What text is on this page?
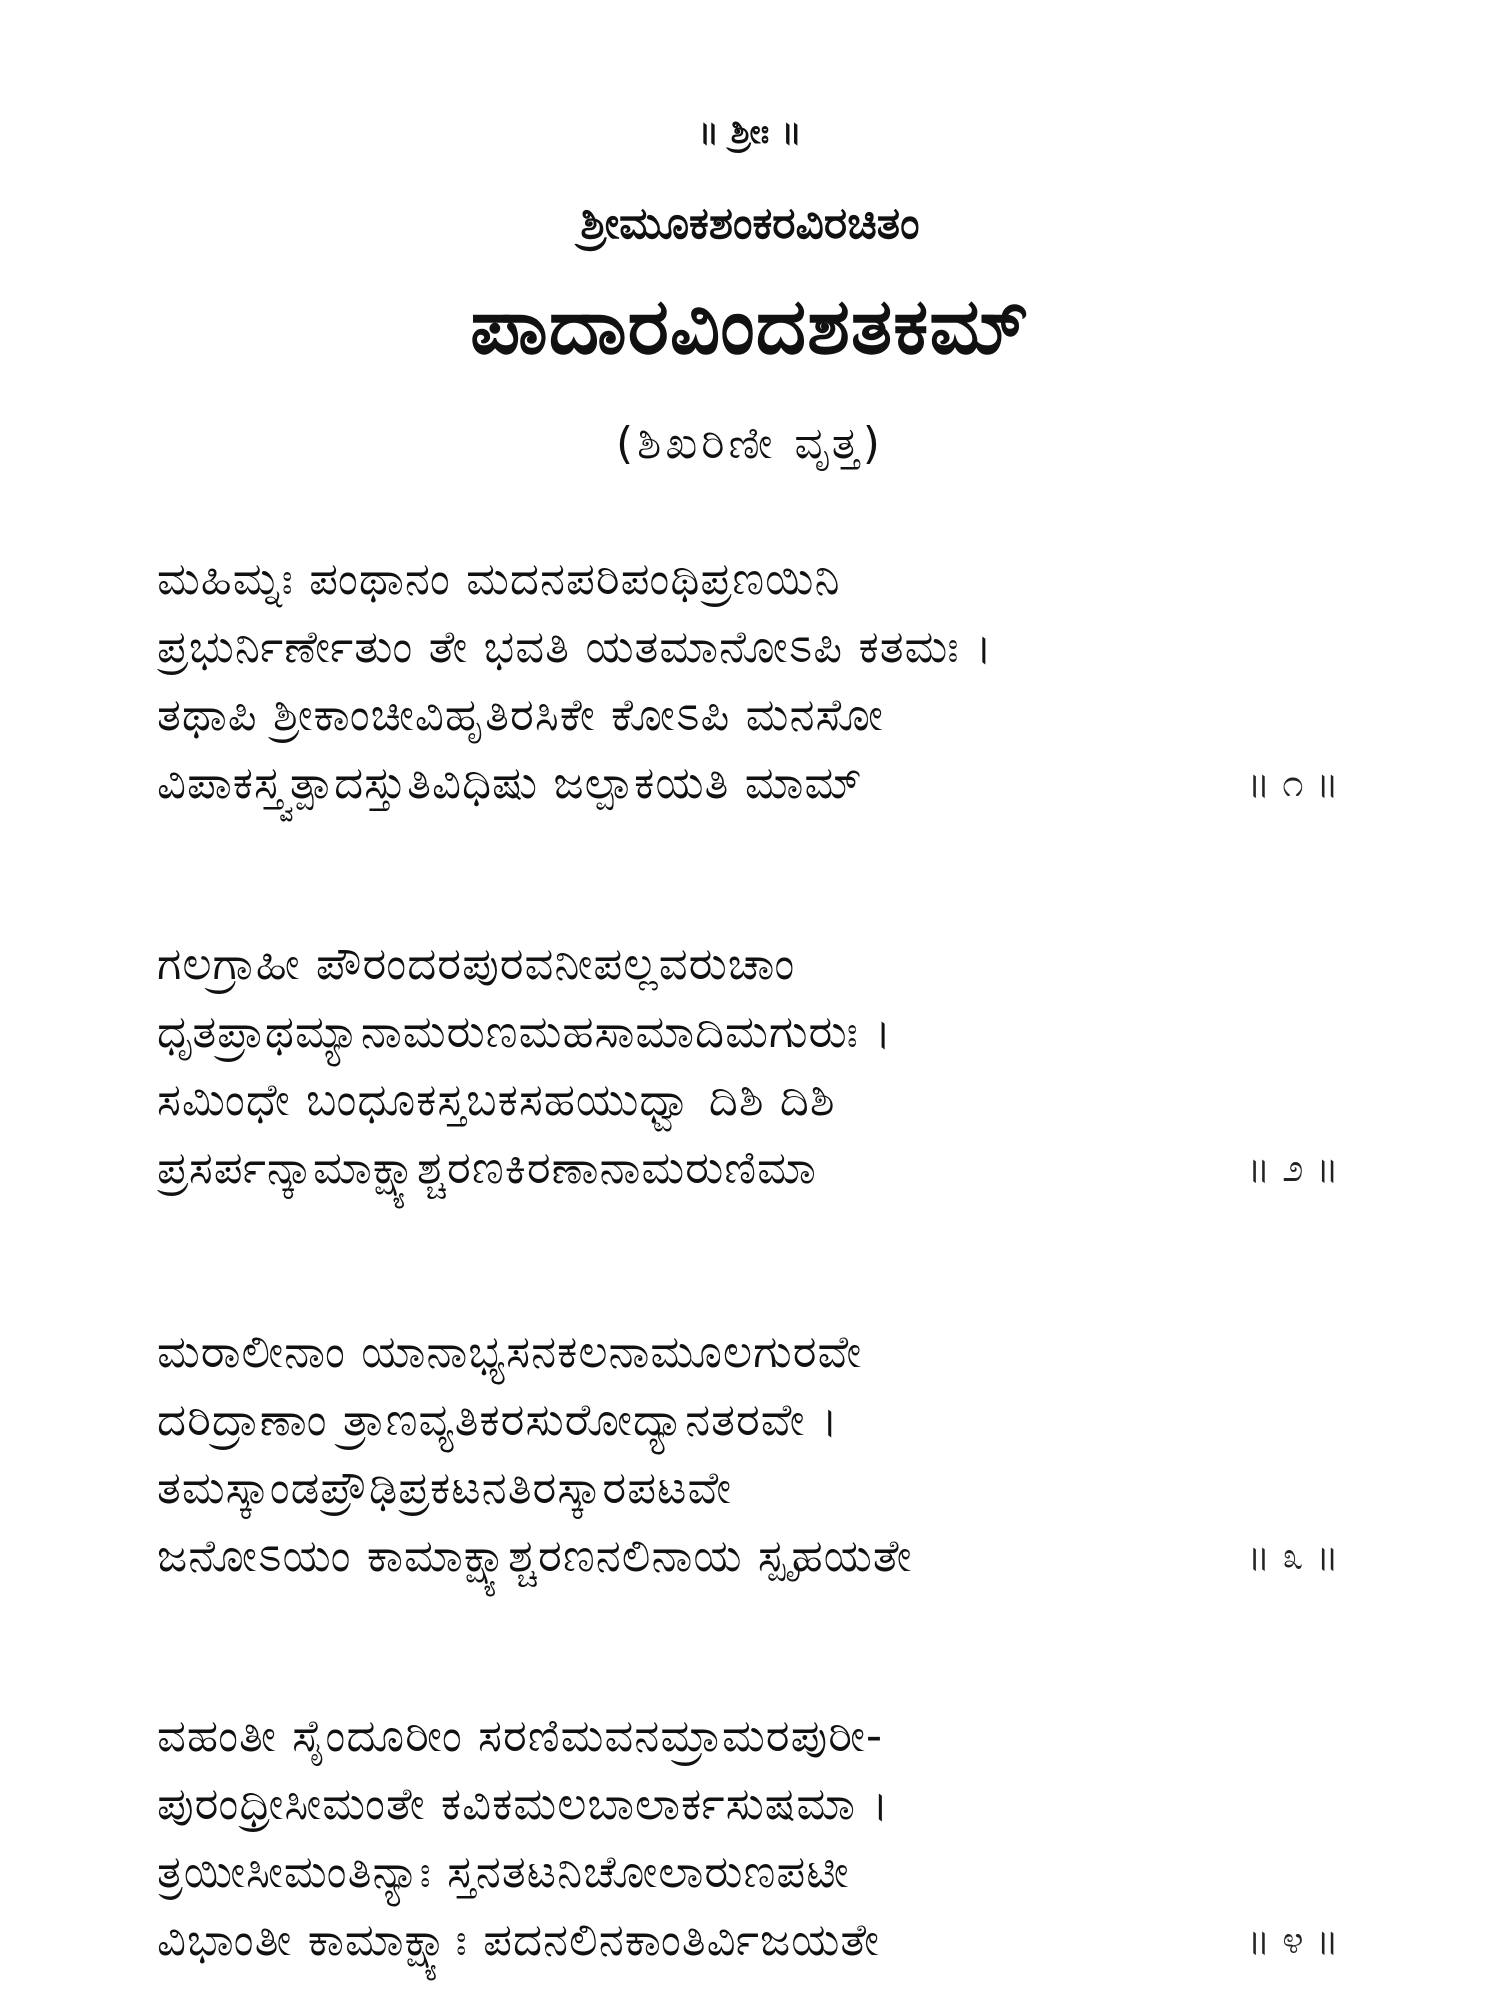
॥ ಶ್ರೀಃ ॥
ಶ್ರೀಮೂಕಶಂಕರವಿರಚಿತಂ
ಪಾದಾರವಿಂದಶತಕಮ್
(ಶಿಖರಿಣೀ ವೃತ್ತ)
ಮಹಿಮ್ನಃ ಪಂಥಾನಂ ಮದನಪರಿಪಂಥಿಪ್ರಣಯಿನಿ
ಪ್ರಭುರ್ನಿರ್ಣೇತುಂ ತೇ ಭವತಿ ಯತಮಾನೋಽಪಿ ಕತಮಃ ।
ತಥಾಪಿ ಶ್ರೀಕಾಂಚೀವಿಹೃತಿರಸಿಕೇ ಕೋಽಪಿ ಮನಸೋ
ವಿಪಾಕಸ್ತ್ವತ್ಪಾದಸ್ತುತಿವಿಧಿಷು ಜಲ್ಪಾಕಯತಿ ಮಾಮ್	॥ ೧ ॥
ಗಲಗ್ರಾಹೀ ಪೌರಂದರಪುರವನೀಪಲ್ಲವರುಚಾಂ
ಧೃತಪ್ರಾಥಮ್ಯಾನಾಮರುಣಮಹಸಾಮಾದಿಮಗುರುಃ ।
ಸಮಿಂಧೇ ಬಂಧೂಕಸ್ತಬಕಸಹಯುಧ್ವಾ ದಿಶಿ ದಿಶಿ
ಪ್ರಸರ್ಪನ್ಕಾಮಾಕ್ಷ್ಯಾಶ್ಚರಣಕಿರಣಾನಾಮರುಣಿಮಾ	॥ ೨ ॥
ಮರಾಲೀನಾಂ ಯಾನಾಭ್ಯಸನಕಲನಾಮೂಲಗುರವೇ
ದರಿದ್ರಾಣಾಂ ತ್ರಾಣವ್ಯತಿಕರಸುರೋದ್ಯಾನತರವೇ ।
ತಮಸ್ಕಾಂಡಪ್ರೌಢಿಪ್ರಕಟನತಿರಸ್ಕಾರಪಟವೇ
ಜನೋಽಯಂ ಕಾಮಾಕ್ಷ್ಯಾಶ್ಚರಣನಲಿನಾಯ ಸ್ಪೃಹಯತೇ	॥ ೩ ॥
ವಹಂತೀ ಸೈಂದೂರೀಂ ಸರಣಿಮವನಮ್ರಾಮರಪುರೀ-
ಪುರಂಧ್ರೀಸೀಮಂತೇ ಕವಿಕಮಲಬಾಲಾರ್ಕಸುಷಮಾ ।
ತ್ರಯೀಸೀಮಂತಿನ್ಯಾಃ ಸ್ತನತಟನಿಚೋಲಾರುಣಪಟೀ
ವಿಭಾಂತೀ ಕಾಮಾಕ್ಷ್ಯಾಃ ಪದನಲಿನಕಾಂತಿರ್ವಿಜಯತೇ	॥ ೪ ॥
